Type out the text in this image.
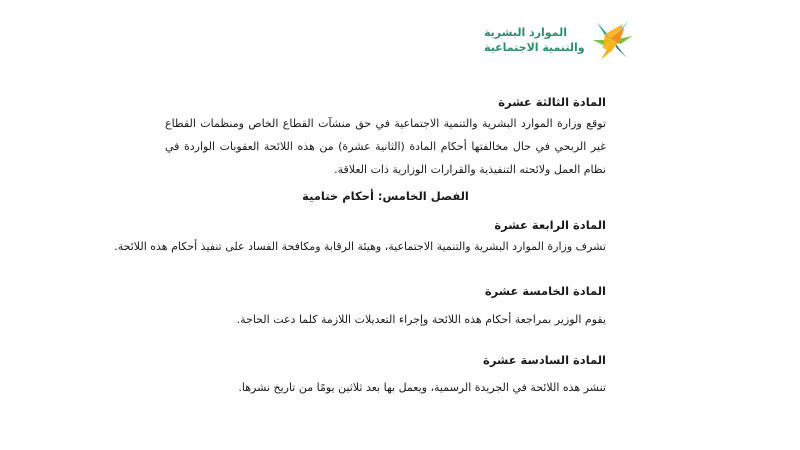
الموارد البشرية
والتنمية الاجتماعية
المادة الثالثة عشرة
توقع وزارة الموارد البشرية والتنمية الاجتماعية في حق منشآت القطاع الخاص ومنظمات القطاع غير الربحي في حال مخالفتها أحكام المادة (الثانية عشرة) من هذه اللائحة العقوبات الواردة في نظام العمل ولائحته التنفيذية والقرارات الوزارية ذات العلاقة.
الفصل الخامس: أحكام ختامية
المادة الرابعة عشرة
تشرف وزارة الموارد البشرية والتنمية الاجتماعية، وهيئة الرقابة ومكافحة الفساد على تنفيذ أحكام هذه اللائحة.
المادة الخامسة عشرة
يقوم الوزير بمراجعة أحكام هذه اللائحة وإجراء التعديلات اللازمة كلما دعت الحاجة.
المادة السادسة عشرة
تنشر هذه اللائحة في الجريدة الرسمية، ويعمل بها بعد ثلاثين يومًا من تاريخ نشرها.
